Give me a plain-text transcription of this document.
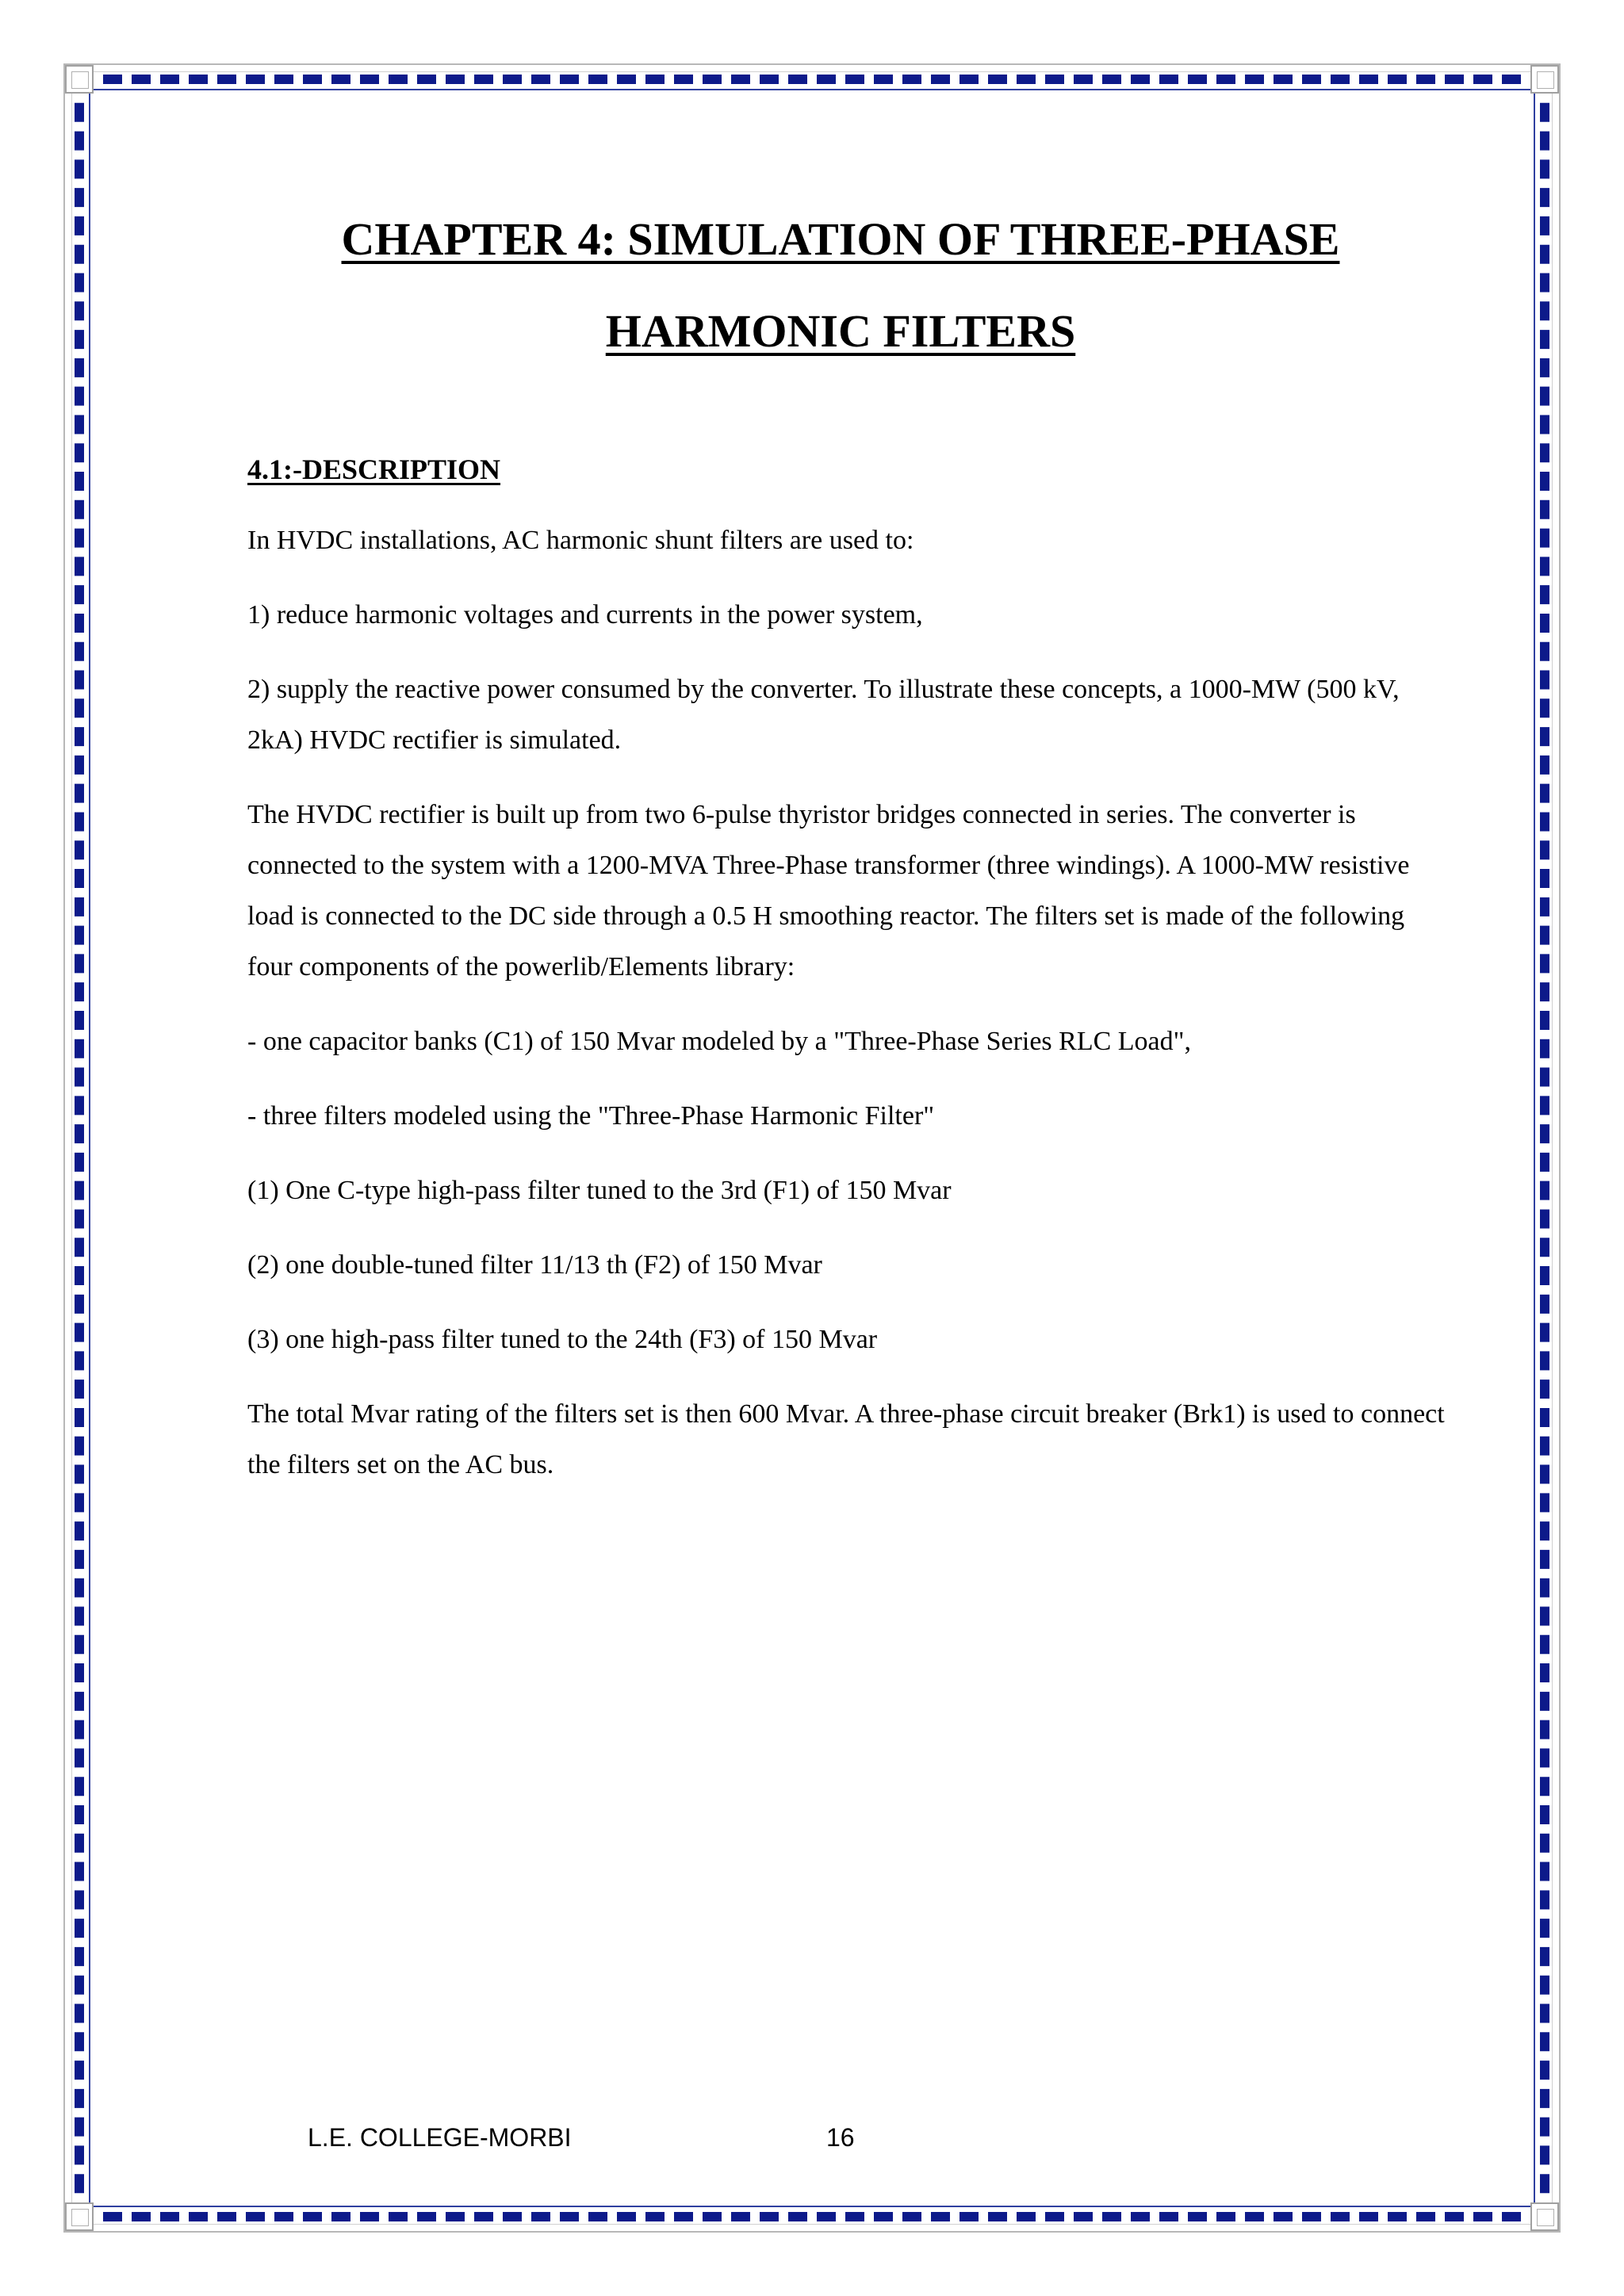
CHAPTER 4: SIMULATION OF THREE-PHASE
HARMONIC FILTERS
4.1:-DESCRIPTION

In HVDC installations, AC harmonic shunt filters are used to:

1) reduce harmonic voltages and currents in the power system,

2) supply the reactive power consumed by the converter. To illustrate these concepts, a 1000-MW (500 kV, 2kA) HVDC rectifier is simulated.

The HVDC rectifier is built up from two 6-pulse thyristor bridges connected in series. The converter is connected to the system with a 1200-MVA Three-Phase transformer (three windings). A 1000-MW resistive load is connected to the DC side through a 0.5 H smoothing reactor. The filters set is made of the following four components of the powerlib/Elements library:

- one capacitor banks (C1) of 150 Mvar modeled by a "Three-Phase Series RLC Load",

- three filters modeled using the "Three-Phase Harmonic Filter"

(1) One C-type high-pass filter tuned to the 3rd (F1) of 150 Mvar

(2) one double-tuned filter 11/13 th (F2) of 150 Mvar

(3) one high-pass filter tuned to the 24th (F3) of 150 Mvar

The total Mvar rating of the filters set is then 600 Mvar. A three-phase circuit breaker (Brk1) is used to connect the filters set on the AC bus.

L.E. COLLEGE-MORBI	16
